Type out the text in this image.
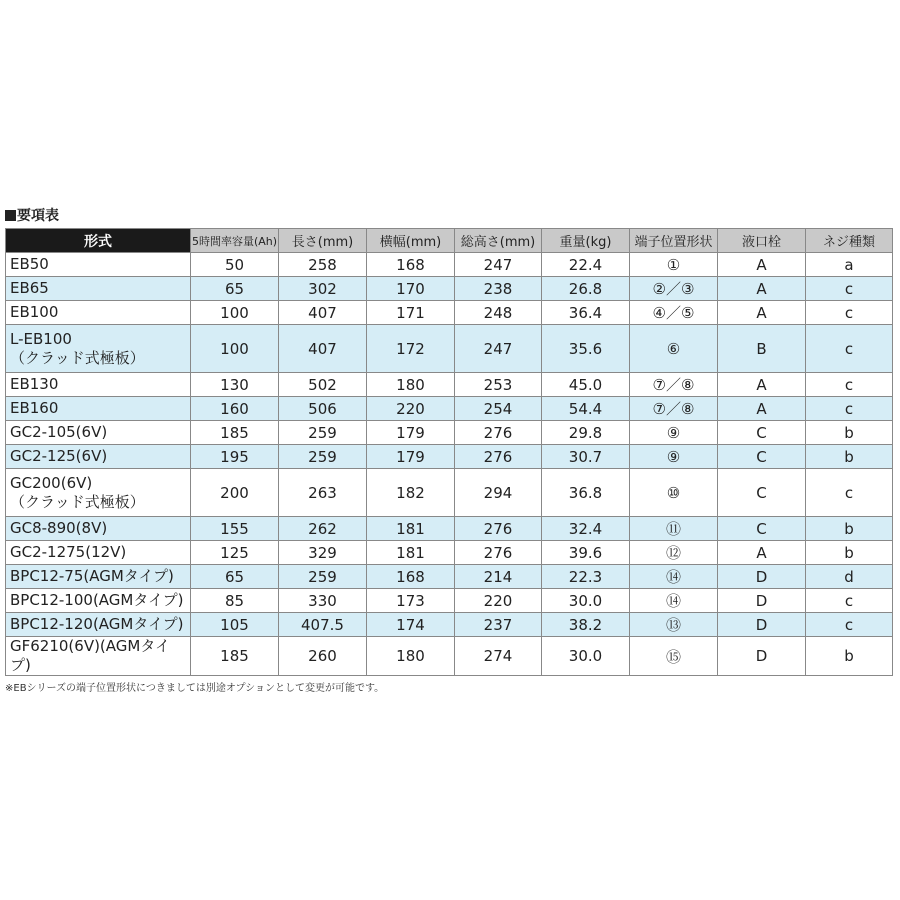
要項表
形式	5時間率容量(Ah)	長さ(mm)	横幅(mm)	総高さ(mm)	重量(kg)	端子位置形状	液口栓	ネジ種類

EB50	50	258	168	247	22.4	①	A	a

EB65	65	302	170	238	26.8	②／③	A	c

EB100	100	407	171	248	36.4	④／⑤	A	c

L-EB100
（クラッド式極板）	100	407	172	247	35.6	⑥	B	c

EB130	130	502	180	253	45.0	⑦／⑧	A	c

EB160	160	506	220	254	54.4	⑦／⑧	A	c

GC2-105(6V)	185	259	179	276	29.8	⑨	C	b

GC2-125(6V)	195	259	179	276	30.7	⑨	C	b

GC200(6V)
（クラッド式極板）	200	263	182	294	36.8	⑩	C	c

GC8-890(8V)	155	262	181	276	32.4	⑪	C	b

GC2-1275(12V)	125	329	181	276	39.6	⑫	A	b

BPC12-75(AGMタイプ)	65	259	168	214	22.3	⑭	D	d

BPC12-100(AGMタイプ)	85	330	173	220	30.0	⑭	D	c

BPC12-120(AGMタイプ)	105	407.5	174	237	38.2	⑬	D	c

GF6210(6V)(AGMタイプ)	185	260	180	274	30.0	⑮	D	b
※EBシリーズの端子位置形状につきましては別途オプションとして変更が可能です。
